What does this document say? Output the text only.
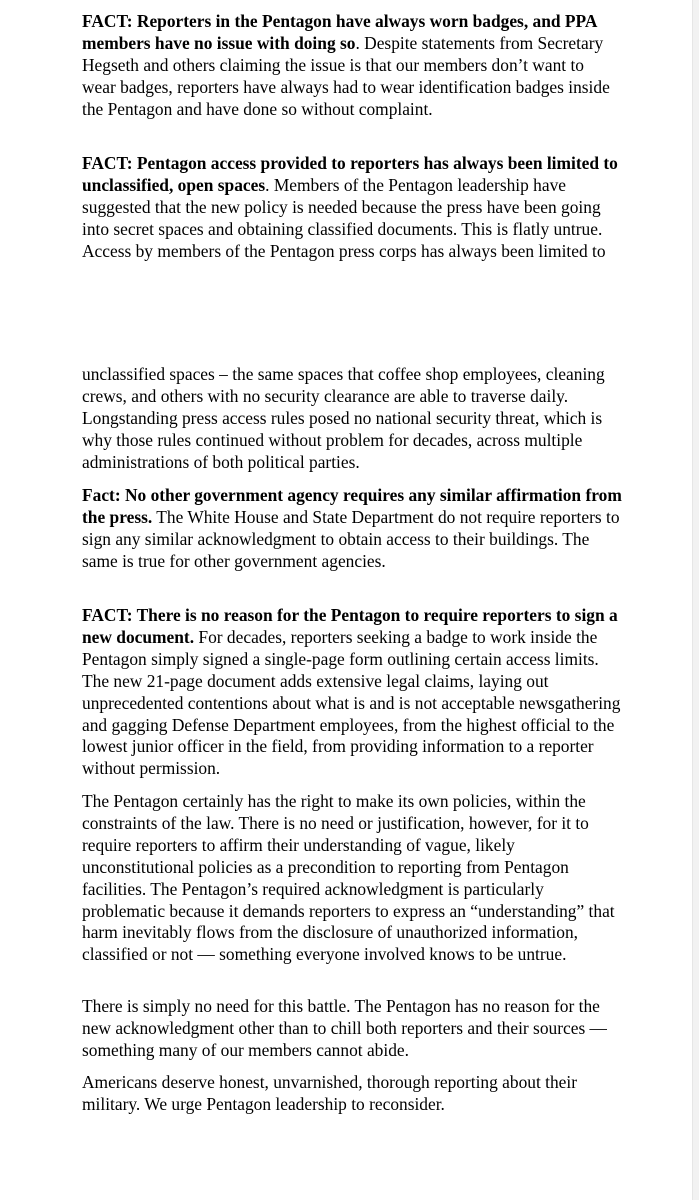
FACT: Reporters in the Pentagon have always worn badges, and PPA members have no issue with doing so. Despite statements from Secretary Hegseth and others claiming the issue is that our members don’t want to wear badges, reporters have always had to wear identification badges inside the Pentagon and have done so without complaint.

FACT: Pentagon access provided to reporters has always been limited to unclassified, open spaces. Members of the Pentagon leadership have suggested that the new policy is needed because the press have been going into secret spaces and obtaining classified documents. This is flatly untrue. Access by members of the Pentagon press corps has always been limited to

unclassified spaces – the same spaces that coffee shop employees, cleaning crews, and others with no security clearance are able to traverse daily. Longstanding press access rules posed no national security threat, which is why those rules continued without problem for decades, across multiple administrations of both political parties.

Fact: No other government agency requires any similar affirmation from the press. The White House and State Department do not require reporters to sign any similar acknowledgment to obtain access to their buildings. The same is true for other government agencies.

FACT: There is no reason for the Pentagon to require reporters to sign a new document. For decades, reporters seeking a badge to work inside the Pentagon simply signed a single-page form outlining certain access limits. The new 21-page document adds extensive legal claims, laying out unprecedented contentions about what is and is not acceptable newsgathering and gagging Defense Department employees, from the highest official to the lowest junior officer in the field, from providing information to a reporter without permission.

The Pentagon certainly has the right to make its own policies, within the constraints of the law. There is no need or justification, however, for it to require reporters to affirm their understanding of vague, likely unconstitutional policies as a precondition to reporting from Pentagon facilities. The Pentagon’s required acknowledgment is particularly problematic because it demands reporters to express an “understanding” that harm inevitably flows from the disclosure of unauthorized information, classified or not — something everyone involved knows to be untrue.

There is simply no need for this battle. The Pentagon has no reason for the new acknowledgment other than to chill both reporters and their sources — something many of our members cannot abide.

Americans deserve honest, unvarnished, thorough reporting about their military. We urge Pentagon leadership to reconsider.
